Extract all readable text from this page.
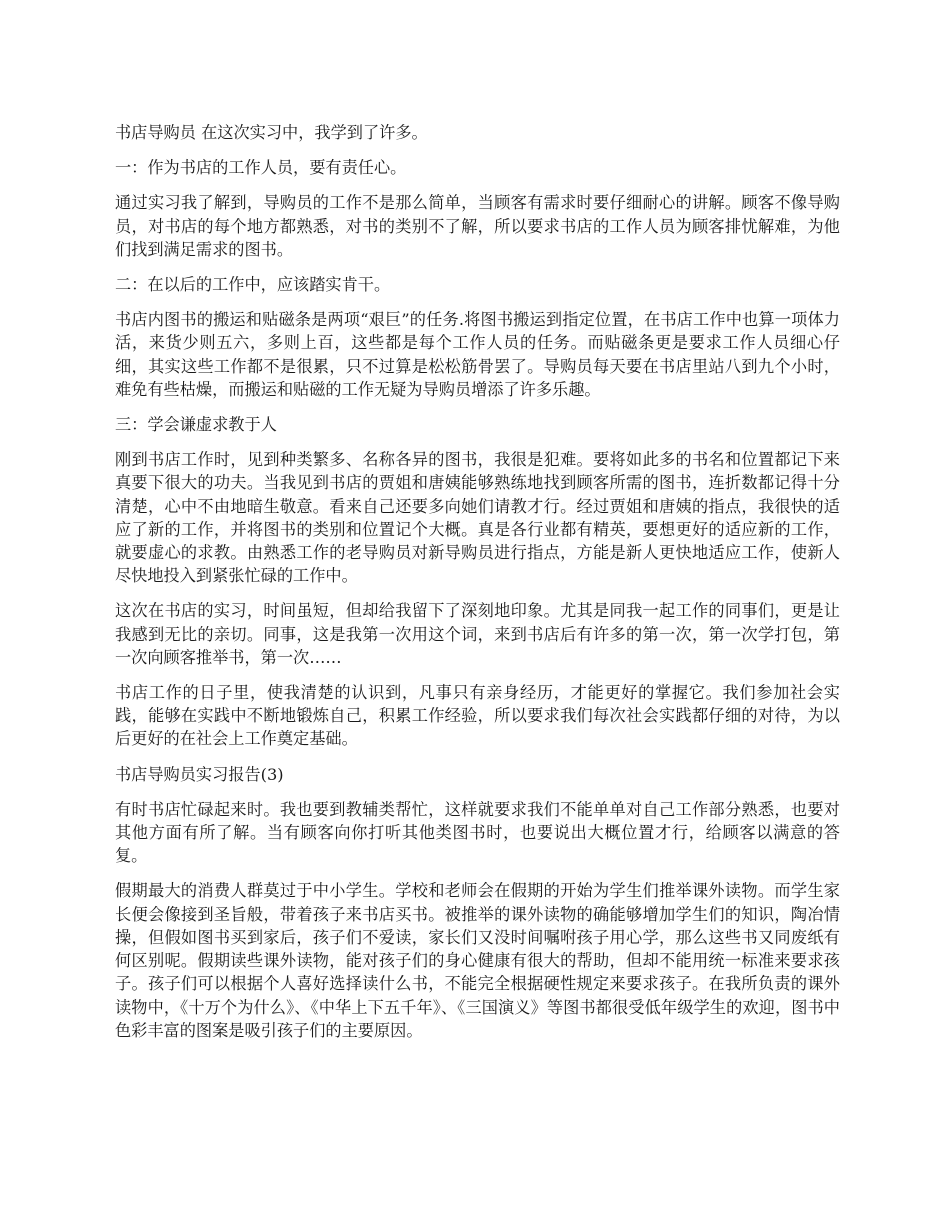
书店导购员 在这次实习中，我学到了许多。

一：作为书店的工作人员，要有责任心。

通过实习我了解到，导购员的工作不是那么简单，当顾客有需求时要仔细耐心的讲解。顾客不像导购员，对书店的每个地方都熟悉，对书的类别不了解，所以要求书店的工作人员为顾客排忧解难，为他们找到满足需求的图书。

二：在以后的工作中，应该踏实肯干。

书店内图书的搬运和贴磁条是两项“艰巨”的任务.将图书搬运到指定位置，在书店工作中也算一项体力活，来货少则五六，多则上百，这些都是每个工作人员的任务。而贴磁条更是要求工作人员细心仔细，其实这些工作都不是很累，只不过算是松松筋骨罢了。导购员每天要在书店里站八到九个小时，难免有些枯燥，而搬运和贴磁的工作无疑为导购员增添了许多乐趣。

三：学会谦虚求教于人

刚到书店工作时，见到种类繁多、名称各异的图书，我很是犯难。要将如此多的书名和位置都记下来真要下很大的功夫。当我见到书店的贾姐和唐姨能够熟练地找到顾客所需的图书，连折数都记得十分清楚，心中不由地暗生敬意。看来自己还要多向她们请教才行。经过贾姐和唐姨的指点，我很快的适应了新的工作，并将图书的类别和位置记个大概。真是各行业都有精英，要想更好的适应新的工作，就要虚心的求教。由熟悉工作的老导购员对新导购员进行指点，方能是新人更快地适应工作，使新人尽快地投入到紧张忙碌的工作中。

这次在书店的实习，时间虽短，但却给我留下了深刻地印象。尤其是同我一起工作的同事们，更是让我感到无比的亲切。同事，这是我第一次用这个词，来到书店后有许多的第一次，第一次学打包，第一次向顾客推举书，第一次……

书店工作的日子里，使我清楚的认识到，凡事只有亲身经历，才能更好的掌握它。我们参加社会实践，能够在实践中不断地锻炼自己，积累工作经验，所以要求我们每次社会实践都仔细的对待，为以后更好的在社会上工作奠定基础。

书店导购员实习报告(3)

有时书店忙碌起来时。我也要到教辅类帮忙，这样就要求我们不能单单对自己工作部分熟悉，也要对其他方面有所了解。当有顾客向你打听其他类图书时，也要说出大概位置才行，给顾客以满意的答复。

假期最大的消费人群莫过于中小学生。学校和老师会在假期的开始为学生们推举课外读物。而学生家长便会像接到圣旨般，带着孩子来书店买书。被推举的课外读物的确能够增加学生们的知识，陶冶情操，但假如图书买到家后，孩子们不爱读，家长们又没时间嘱咐孩子用心学，那么这些书又同废纸有何区别呢。假期读些课外读物，能对孩子们的身心健康有很大的帮助，但却不能用统一标准来要求孩子。孩子们可以根据个人喜好选择读什么书，不能完全根据硬性规定来要求孩子。在我所负责的课外读物中，《十万个为什么》、《中华上下五千年》、《三国演义》等图书都很受低年级学生的欢迎，图书中色彩丰富的图案是吸引孩子们的主要原因。
